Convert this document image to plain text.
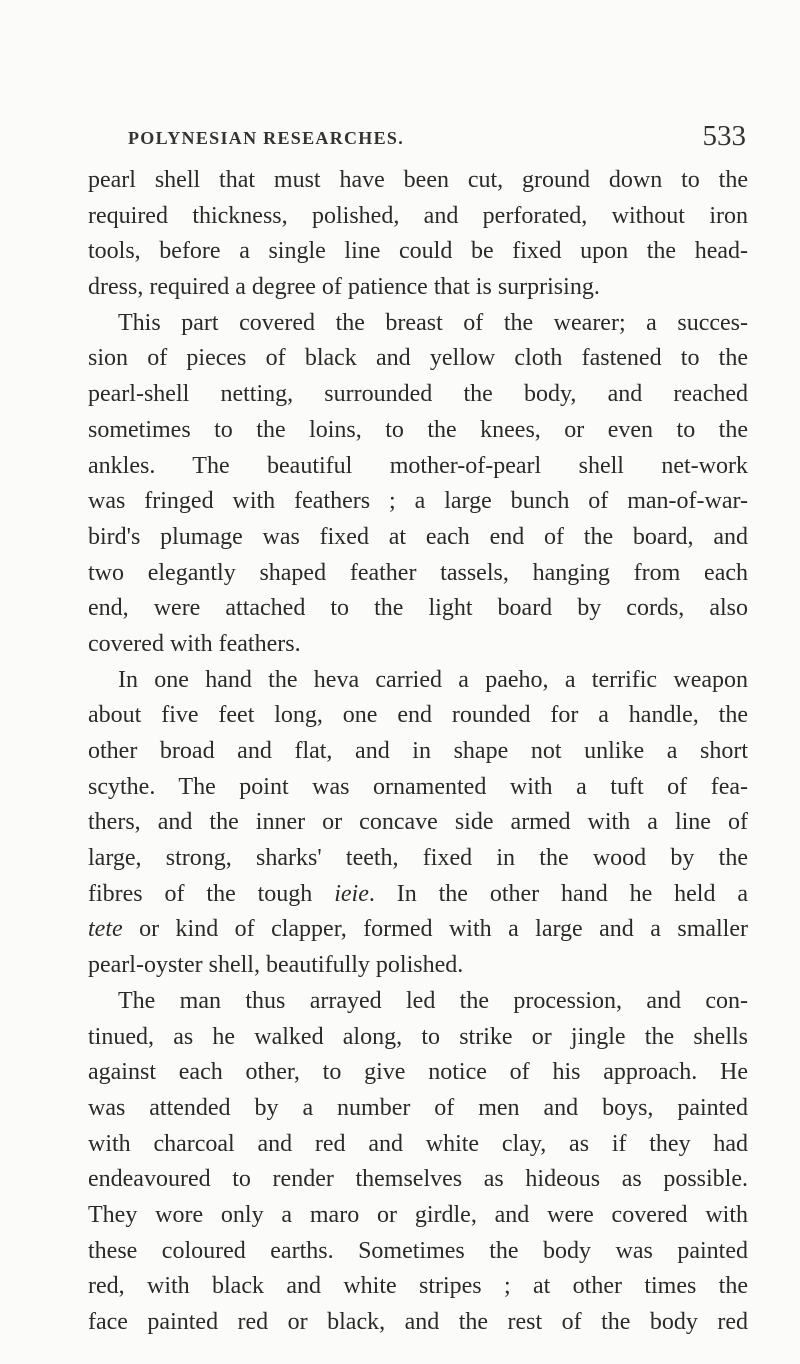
POLYNESIAN RESEARCHES.	533
pearl shell that must have been cut, ground down to the
required thickness, polished, and perforated, without iron
tools, before a single line could be fixed upon the head-
dress, required a degree of patience that is surprising.
This part covered the breast of the wearer; a succes-
sion of pieces of black and yellow cloth fastened to the
pearl-shell netting, surrounded the body, and reached
sometimes to the loins, to the knees, or even to the
ankles. The beautiful mother-of-pearl shell net-work
was fringed with feathers ; a large bunch of man-of-war-
bird's plumage was fixed at each end of the board, and
two elegantly shaped feather tassels, hanging from each
end, were attached to the light board by cords, also
covered with feathers.
In one hand the heva carried a paeho, a terrific weapon
about five feet long, one end rounded for a handle, the
other broad and flat, and in shape not unlike a short
scythe. The point was ornamented with a tuft of fea-
thers, and the inner or concave side armed with a line of
large, strong, sharks' teeth, fixed in the wood by the
fibres of the tough ieie. In the other hand he held a
tete or kind of clapper, formed with a large and a smaller
pearl-oyster shell, beautifully polished.
The man thus arrayed led the procession, and con-
tinued, as he walked along, to strike or jingle the shells
against each other, to give notice of his approach. He
was attended by a number of men and boys, painted
with charcoal and red and white clay, as if they had
endeavoured to render themselves as hideous as possible.
They wore only a maro or girdle, and were covered with
these coloured earths. Sometimes the body was painted
red, with black and white stripes ; at other times the
face painted red or black, and the rest of the body red
